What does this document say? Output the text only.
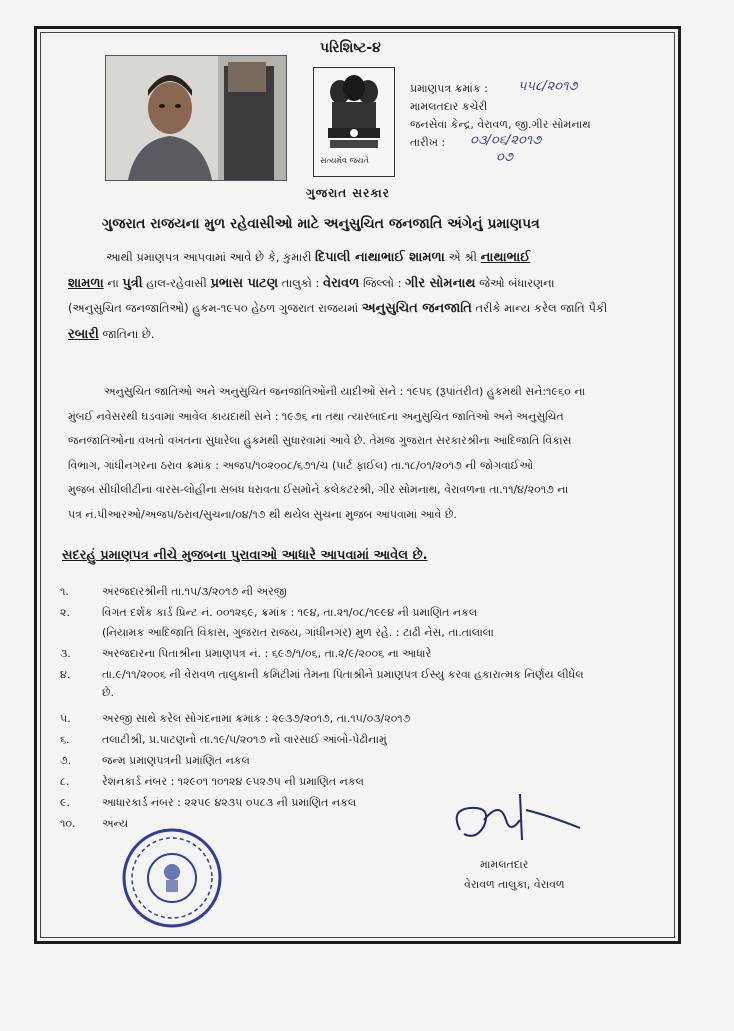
પરિશિષ્ટ-૪
સત્યમેવ જયતે
ગુજરાત સરકાર
પ્રમાણપત્ર ક્રમાંક : ૫૫૮/૨૦૧૭
મામલતદાર કચેરી
જનસેવા કેન્દ્ર, વેરાવળ, જી.ગીર સોમનાથ
તારીખ : ૦૩/૦૬/૨૦૧૭
૦૭
ગુજરાત રાજયના મુળ રહેવાસીઓ માટે અનુસુચિત જનજાતિ અંગેનું પ્રમાણપત્ર

આથી પ્રમાણપત્ર આપવામાં આવે છે કે, કુમારી દિપાલી નાથાભાઈ શામળા એ શ્રી નાથાભાઈ

શામળા ના પુત્રી હાલ-રહેવાસી પ્રભાસ પાટણ તાલુકો : વેરાવળ જિલ્લો : ગીર સોમનાથ જેઓ બંધારણના

(અનુસુચિત જનજાતિઓ) હુકમ-૧૯૫૦ હેઠળ ગુજરાત રાજયમાં અનુસુચિત જનજાતિ તરીકે માન્ય કરેલ જાતિ પૈકી

રબારી જાતિના છે.

અનુસુચિત જાતિઓ અને અનુસુચિત જનજાતિઓની યાદીઓ સને : ૧૯૫૬ (રૂપાંતરીત) હુકમથી સને:૧૯૬૦ ના

મુંબઈ નવેસરથી ઘડવામાં આવેલ કાયદાથી સને : ૧૯૭૬ ના તથા ત્યારબાદના અનુસુચિત જાતિઓ અને અનુસુચિત

જનજાતિઓના વખતો વખતના સુધારેલા હુકમથી સુધારવામાં આવે છે. તેમજ ગુજરાત સરકારશ્રીના આદિજાતિ વિકાસ

વિભાગ, ગાંધીનગરના ઠરાવ ક્રમાંક : અજપ/૧૦૨૦૦૮/૬૭૧/ચ (પાર્ટ ફાઈલ) તા.૧૮/૦૧/૨૦૧૭ ની જોગવાઈઓ

મુજબ સીધીલીટીના વારસ-લોહીના સબંધ ધરાવતા ઈસમોને કલેકટરશ્રી, ગીર સોમનાથ, વેરાવળના તા.૧૧/૪/૨૦૧૭ ના

પત્ર નં.પીઆરઓ/અજપ/ઠરાવ/સુચના/૦૪/૧૭ થી થયેલ સુચના મુજબ આપવામાં આવે છે.

સદરહું પ્રમાણપત્ર નીચે મુજબના પુરાવાઓ આધારે આપવામાં આવેલ છે.
૧.	અરજદારશ્રીની તા.૧૫/૩/૨૦૧૭ ની અરજી
૨.	વિગત દર્શક કાર્ડ પ્રિન્ટ નં. ૦૦૧૨૬૯, ક્રમાંક : ૧૯૪, તા.૨૧/૦૮/૧૯૯૪ ની પ્રમાણિત નકલ
(નિયામક આદિજાતિ વિકાસ, ગુજરાત રાજય, ગાંધીનગર) મુળ રહે. : ટાઢી નેસ, તા.તાલાલા
૩.	અરજદારના પિતાશ્રીના પ્રમાણપત્ર નં. : ૬૯૭/૧/૦૬, તા.૨/૯/૨૦૦૬ ના આધારે
૪.	તા.૯/૧૧/૨૦૦૬ ની વેરાવળ તાલુકાની કમિટીમાં તેમના પિતાશ્રીને પ્રમાણપત્ર ઈસ્યુ કરવા હકારાત્મક નિર્ણય લીધેલ
છે.
૫.	અરજી સાથે કરેલ સોગંદનામા ક્રમાંક : ૨૯૩૭/૨૦૧૭, તા.૧૫/૦૩/૨૦૧૭
૬.	તલાટીશ્રી, પ્ર.પાટણનો તા.૧૯/૫/૨૦૧૭ નો વારસાઈ આંબો-પેઢીનામું
૭.	જન્મ પ્રમાણપત્રની પ્રમાણિત નકલ
૮.	રેશનકાર્ડ નંબર : ૧૨૯૦૧ ૧૦૧૨૪ ૯૫૨૭૫ ની પ્રમાણિત નકલ
૯.	આધારકાર્ડ નંબર : ૨૨૫૯ ૪૨૩૫ ૦૫૮૩ ની પ્રમાણિત નકલ
૧૦. અન્ય
મામલતદાર
વેરાવળ તાલુકા, વેરાવળ
